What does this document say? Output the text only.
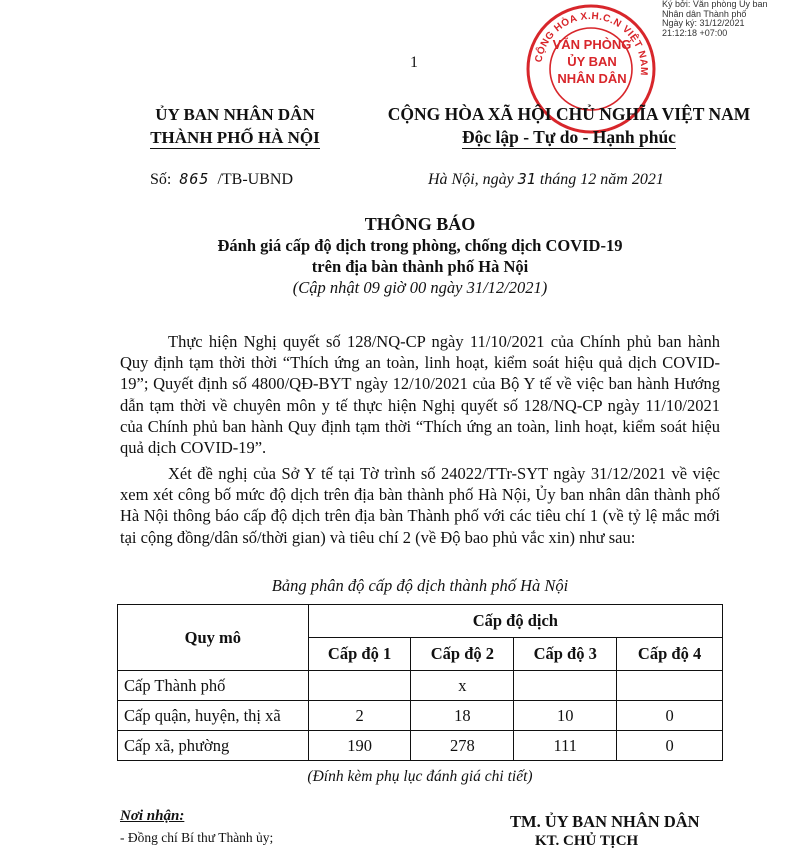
Ký bởi: Văn phòng Ủy ban
Nhân dân Thành phố
Ngày ký: 31/12/2021
21:12:18 +07:00
CỘNG HÒA X.H.C.N VIỆT NAM
VĂN PHÒNG
ỦY BAN
NHÂN DÂN
1
ỦY BAN NHÂN DÂN
THÀNH PHỐ HÀ NỘI
CỘNG HÒA XÃ HỘI CHỦ NGHĨA VIỆT NAM
Độc lập - Tự do - Hạnh phúc
Số: 865 /TB-UBND	Hà Nội, ngày 31 tháng 12 năm 2021
THÔNG BÁO
Đánh giá cấp độ dịch trong phòng, chống dịch COVID-19
trên địa bàn thành phố Hà Nội
(Cập nhật 09 giờ 00 ngày 31/12/2021)
Thực hiện Nghị quyết số 128/NQ-CP ngày 11/10/2021 của Chính phủ ban hành Quy định tạm thời thời “Thích ứng an toàn, linh hoạt, kiểm soát hiệu quả dịch COVID-19”; Quyết định số 4800/QĐ-BYT ngày 12/10/2021 của Bộ Y tế về việc ban hành Hướng dẫn tạm thời về chuyên môn y tế thực hiện Nghị quyết số 128/NQ-CP ngày 11/10/2021 của Chính phủ ban hành Quy định tạm thời “Thích ứng an toàn, linh hoạt, kiểm soát hiệu quả dịch COVID-19”.
Xét đề nghị của Sở Y tế tại Tờ trình số 24022/TTr-SYT ngày 31/12/2021 về việc xem xét công bố mức độ dịch trên địa bàn thành phố Hà Nội, Ủy ban nhân dân thành phố Hà Nội thông báo cấp độ dịch trên địa bàn Thành phố với các tiêu chí 1 (về tỷ lệ mắc mới tại cộng đồng/dân số/thời gian) và tiêu chí 2 (về Độ bao phủ vắc xin) như sau:
Bảng phân độ cấp độ dịch thành phố Hà Nội
Quy mô	Cấp độ dịch			
	Cấp độ 1	Cấp độ 2	Cấp độ 3	Cấp độ 4
Cấp Thành phố		x		
Cấp quận, huyện, thị xã	2	18	10	0
Cấp xã, phường	190	278	111	0
(Đính kèm phụ lục đánh giá chi tiết)
Nơi nhận:
- Đồng chí Bí thư Thành ủy;
TM. ỦY BAN NHÂN DÂN
KT. CHỦ TỊCH
